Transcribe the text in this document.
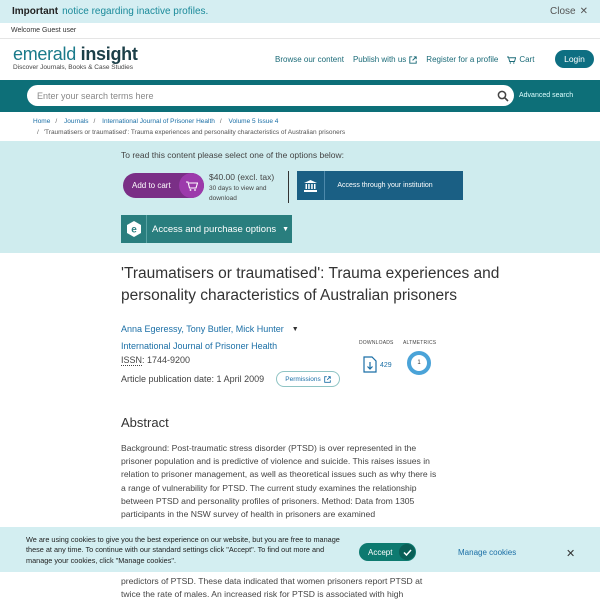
Important notice regarding inactive profiles.	Close ✕
Welcome Guest user
emerald insight
Discover Journals, Books & Case Studies
Browse our content Publish with us	Register for a profile	Cart	Login
Enter your search terms here
Advanced search
Home / Journals / International Journal of Prisoner Health / Volume 5 Issue 4
/ 'Traumatisers or traumatised': Trauma experiences and personality characteristics of Australian prisoners
To read this content please select one of the options below:
Add to cart
$40.00 (excl. tax)
30 days to view and download
Access through your institution
e Access and purchase options ▼
'Traumatisers or traumatised': Trauma experiences and personality characteristics of Australian prisoners
Anna Egeressy, Tony Butler, Mick Hunter ▼
International Journal of Prisoner Health
ISSN: 1744-9200
Article publication date: 1 April 2009	Permissions
DOWNLOADS ALTMETRICS
429	1
Abstract
Background: Post-traumatic stress disorder (PTSD) is over represented in the prisoner population and is predictive of violence and suicide. This raises issues in relation to prisoner management, as well as theoretical issues such as why there is a range of vulnerability for PTSD. The current study examines the relationship between PTSD and personality profiles of prisoners. Method: Data from 1305 participants in the NSW survey of health in prisoners are examined
predictors of PTSD. These data indicated that women prisoners report PTSD at twice the rate of males. An increased risk for PTSD is associated with high
We are using cookies to give you the best experience on our website, but you are free to manage these at any time. To continue with our standard settings click "Accept". To find out more and manage your cookies, click "Manage cookies".
Accept	Manage cookies	✕
